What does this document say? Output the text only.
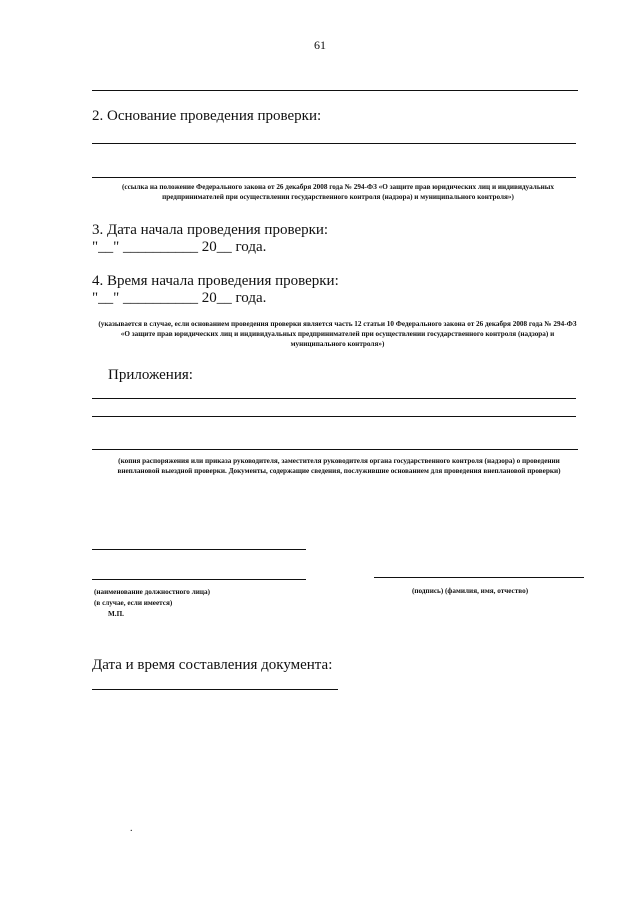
61
2. Основание проведения проверки:
(ссылка на положение Федерального закона от 26 декабря 2008 года № 294-ФЗ «О защите прав юридических лиц и индивидуальных предпринимателей при осуществлении государственного контроля (надзора) и муниципального контроля»)
3. Дата начала проведения проверки:
"__" __________ 20__ года.
4. Время начала проведения проверки:
"__" __________ 20__ года.
(указывается в случае, если основанием проведения проверки является часть 12 статьи 10 Федерального закона от 26 декабря 2008 года № 294-ФЗ «О защите прав юридических лиц и индивидуальных предпринимателей при осуществлении государственного контроля (надзора) и муниципального контроля»)
Приложения:
(копия распоряжения или приказа руководителя, заместителя руководителя органа государственного контроля (надзора) о проведении внеплановой выездной проверки. Документы, содержащие сведения, послужившие основанием для проведения внеплановой проверки)
(наименование должностного лица)
(в случае, если имеется)
М.П.
(подпись) (фамилия, имя, отчество)
Дата и время составления документа:
.
